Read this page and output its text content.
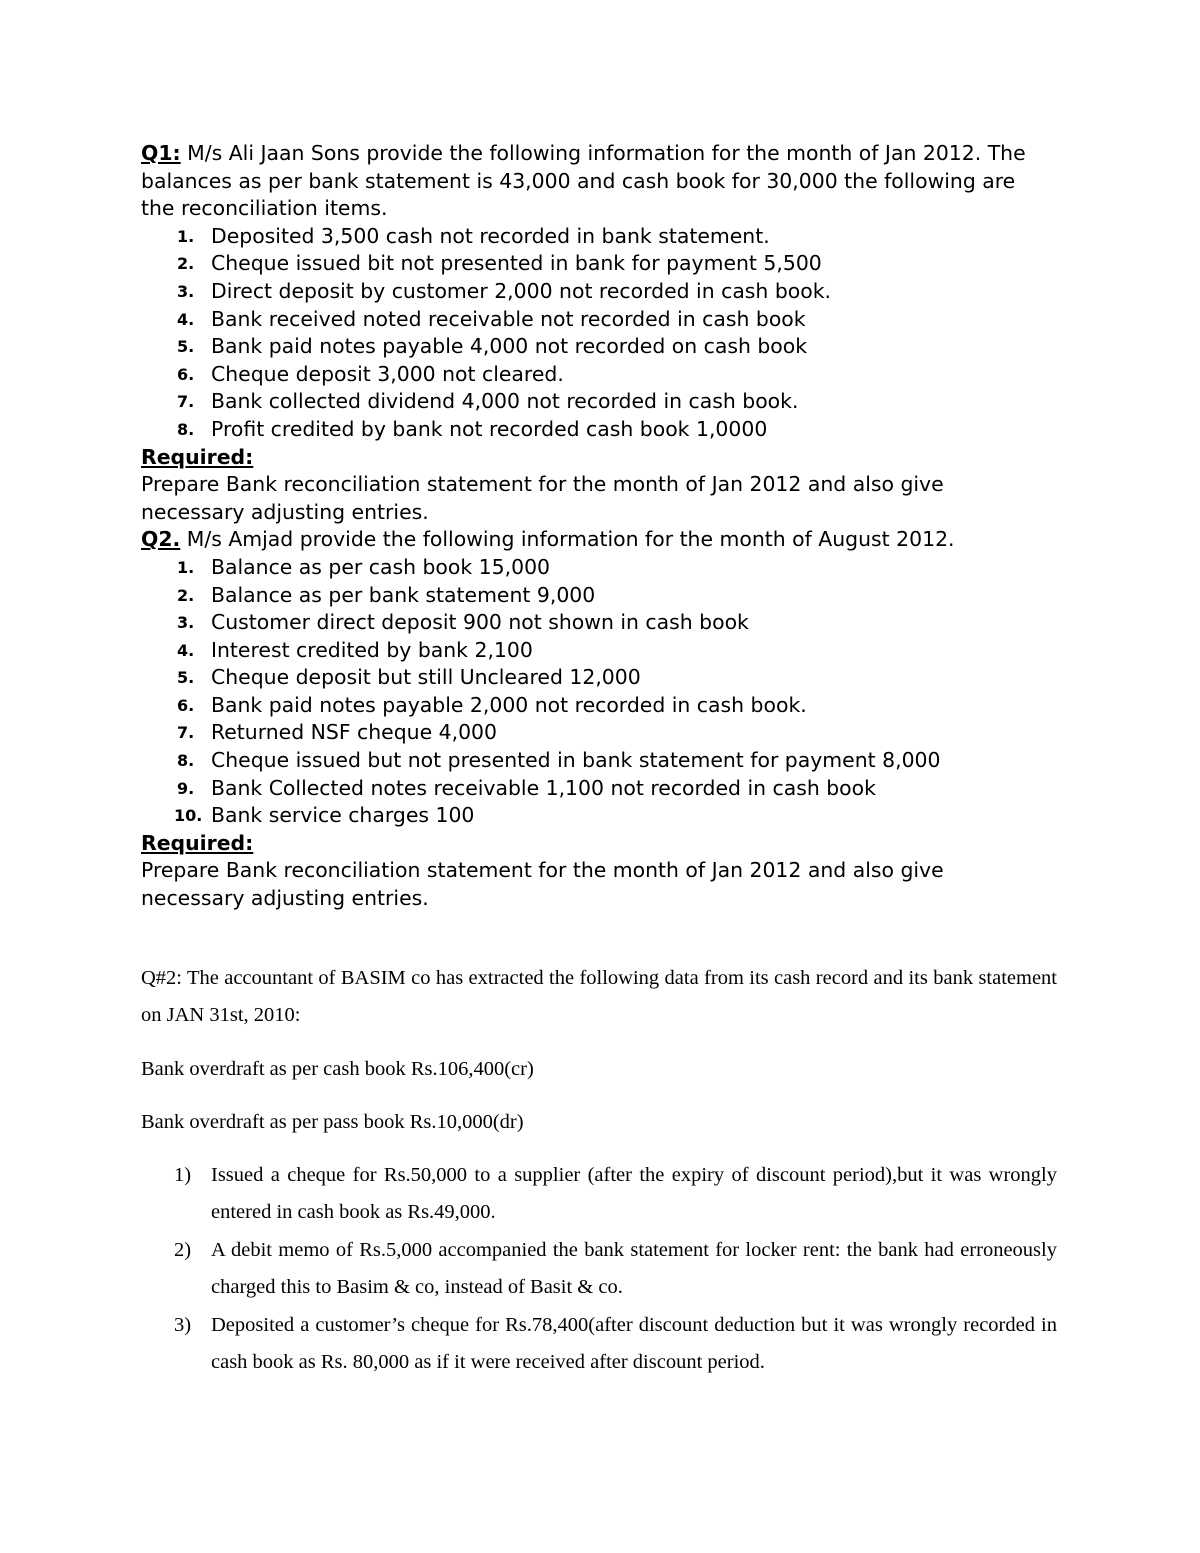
Q1: M/s Ali Jaan Sons provide the following information for the month of Jan 2012. The balances as per bank statement is 43,000 and cash book for 30,000 the following are the reconciliation items.

1. Deposited 3,500 cash not recorded in bank statement.
2. Cheque issued bit not presented in bank for payment 5,500
3. Direct deposit by customer 2,000 not recorded in cash book.
4. Bank received noted receivable not recorded in cash book
5. Bank paid notes payable 4,000 not recorded on cash book
6. Cheque deposit 3,000 not cleared.
7. Bank collected dividend 4,000 not recorded in cash book.
8. Profit credited by bank not recorded cash book 1,0000

Required:

Prepare Bank reconciliation statement for the month of Jan 2012 and also give necessary adjusting entries.

Q2. M/s Amjad provide the following information for the month of August 2012.

1. Balance as per cash book 15,000
2. Balance as per bank statement 9,000
3. Customer direct deposit 900 not shown in cash book
4. Interest credited by bank 2,100
5. Cheque deposit but still Uncleared 12,000
6. Bank paid notes payable 2,000 not recorded in cash book.
7. Returned NSF cheque 4,000
8. Cheque issued but not presented in bank statement for payment 8,000
9. Bank Collected notes receivable 1,100 not recorded in cash book
10. Bank service charges 100

Required:

Prepare Bank reconciliation statement for the month of Jan 2012 and also give necessary adjusting entries.

Q#2: The accountant of BASIM co has extracted the following data from its cash record and its bank statement on JAN 31st, 2010:

Bank overdraft as per cash book Rs.106,400(cr)

Bank overdraft as per pass book Rs.10,000(dr)

1) Issued a cheque for Rs.50,000 to a supplier (after the expiry of discount period),but it was wrongly entered in cash book as Rs.49,000.
2) A debit memo of Rs.5,000 accompanied the bank statement for locker rent: the bank had erroneously charged this to Basim & co, instead of Basit & co.
3) Deposited a customer’s cheque for Rs.78,400(after discount deduction but it was wrongly recorded in cash book as Rs. 80,000 as if it were received after discount period.
